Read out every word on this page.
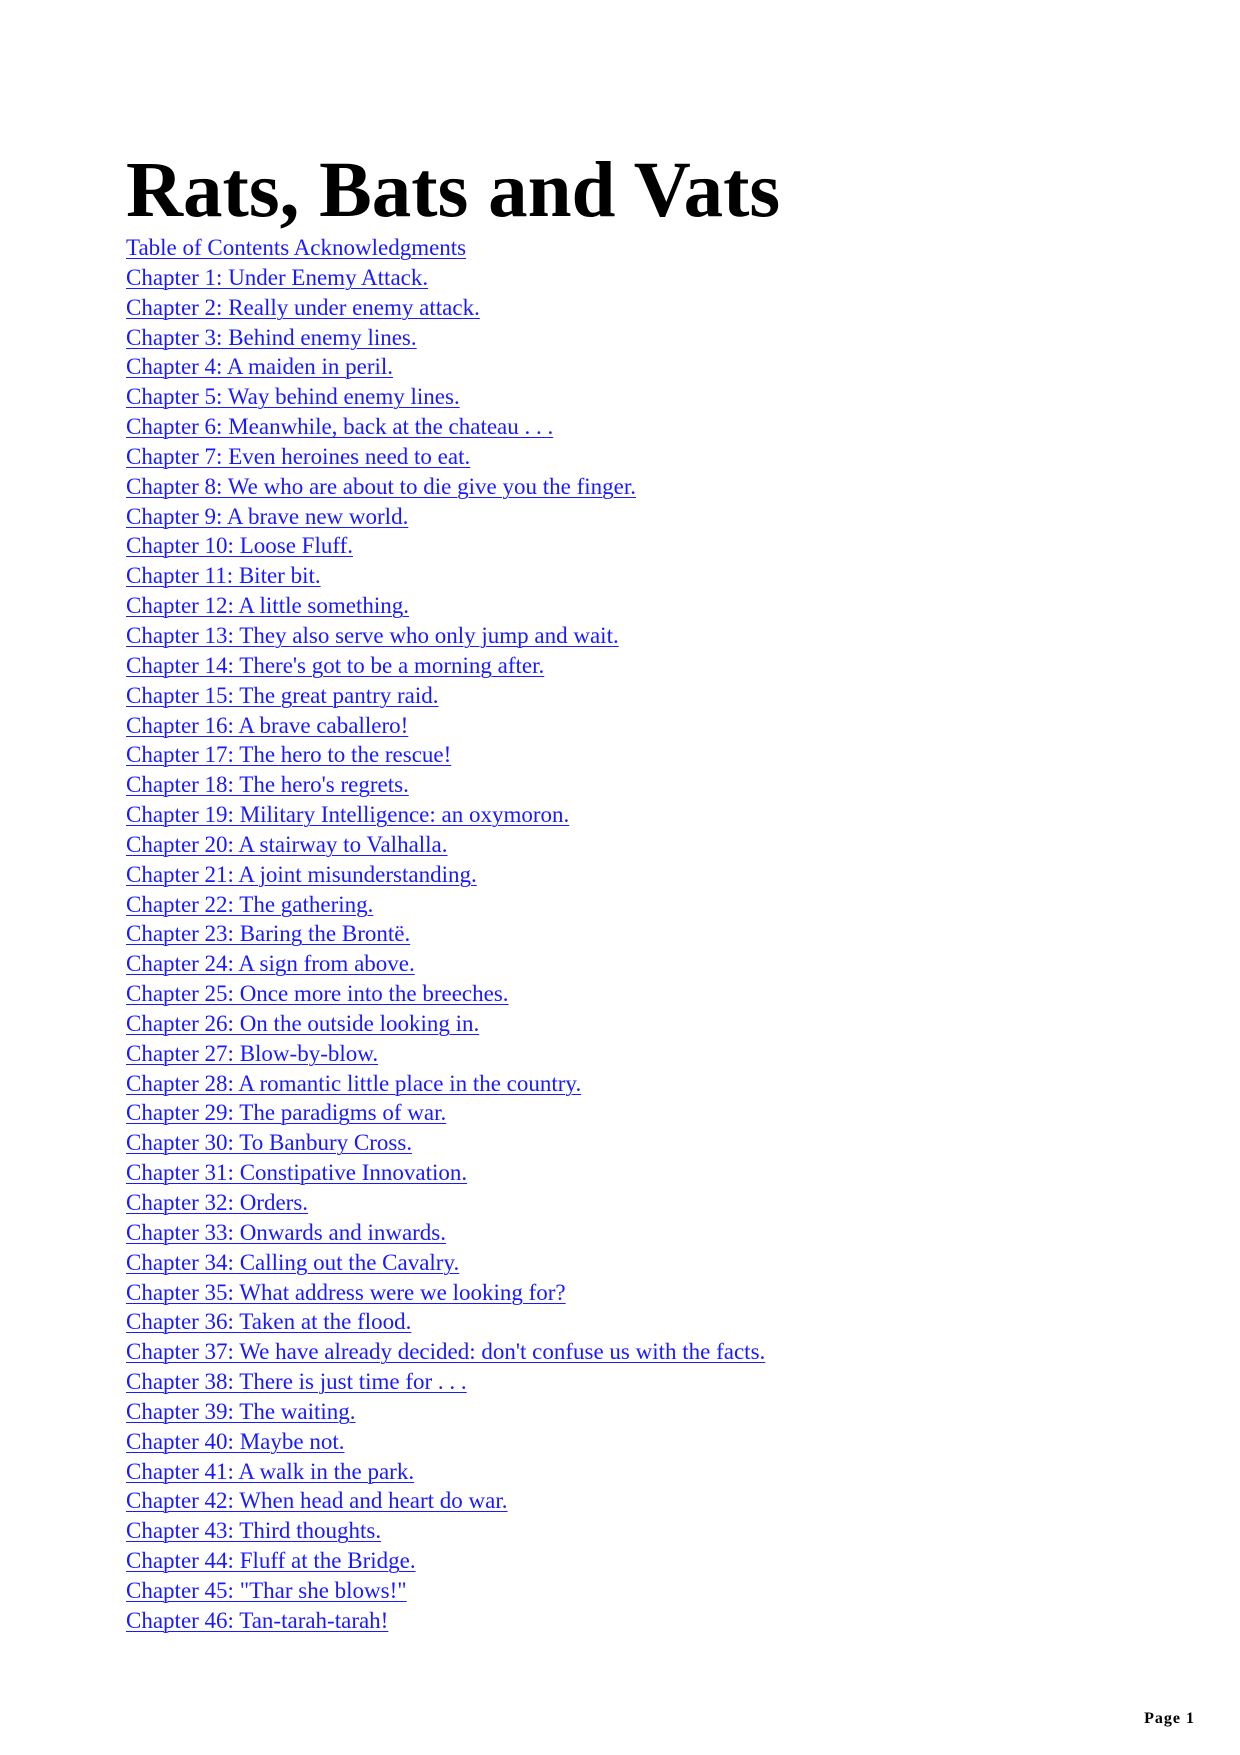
Rats, Bats and Vats
Table of Contents Acknowledgments
Chapter 1: Under Enemy Attack.
Chapter 2: Really under enemy attack.
Chapter 3: Behind enemy lines.
Chapter 4: A maiden in peril.
Chapter 5: Way behind enemy lines.
Chapter 6: Meanwhile, back at the chateau . . .
Chapter 7: Even heroines need to eat.
Chapter 8: We who are about to die give you the finger.
Chapter 9: A brave new world.
Chapter 10: Loose Fluff.
Chapter 11: Biter bit.
Chapter 12: A little something.
Chapter 13: They also serve who only jump and wait.
Chapter 14: There's got to be a morning after.
Chapter 15: The great pantry raid.
Chapter 16: A brave caballero!
Chapter 17: The hero to the rescue!
Chapter 18: The hero's regrets.
Chapter 19: Military Intelligence: an oxymoron.
Chapter 20: A stairway to Valhalla.
Chapter 21: A joint misunderstanding.
Chapter 22: The gathering.
Chapter 23: Baring the Brontë.
Chapter 24: A sign from above.
Chapter 25: Once more into the breeches.
Chapter 26: On the outside looking in.
Chapter 27: Blow-by-blow.
Chapter 28: A romantic little place in the country.
Chapter 29: The paradigms of war.
Chapter 30: To Banbury Cross.
Chapter 31: Constipative Innovation.
Chapter 32: Orders.
Chapter 33: Onwards and inwards.
Chapter 34: Calling out the Cavalry.
Chapter 35: What address were we looking for?
Chapter 36: Taken at the flood.
Chapter 37: We have already decided: don't confuse us with the facts.
Chapter 38: There is just time for . . .
Chapter 39: The waiting.
Chapter 40: Maybe not.
Chapter 41: A walk in the park.
Chapter 42: When head and heart do war.
Chapter 43: Third thoughts.
Chapter 44: Fluff at the Bridge.
Chapter 45: "Thar she blows!"
Chapter 46: Tan-tarah-tarah!
Page 1
